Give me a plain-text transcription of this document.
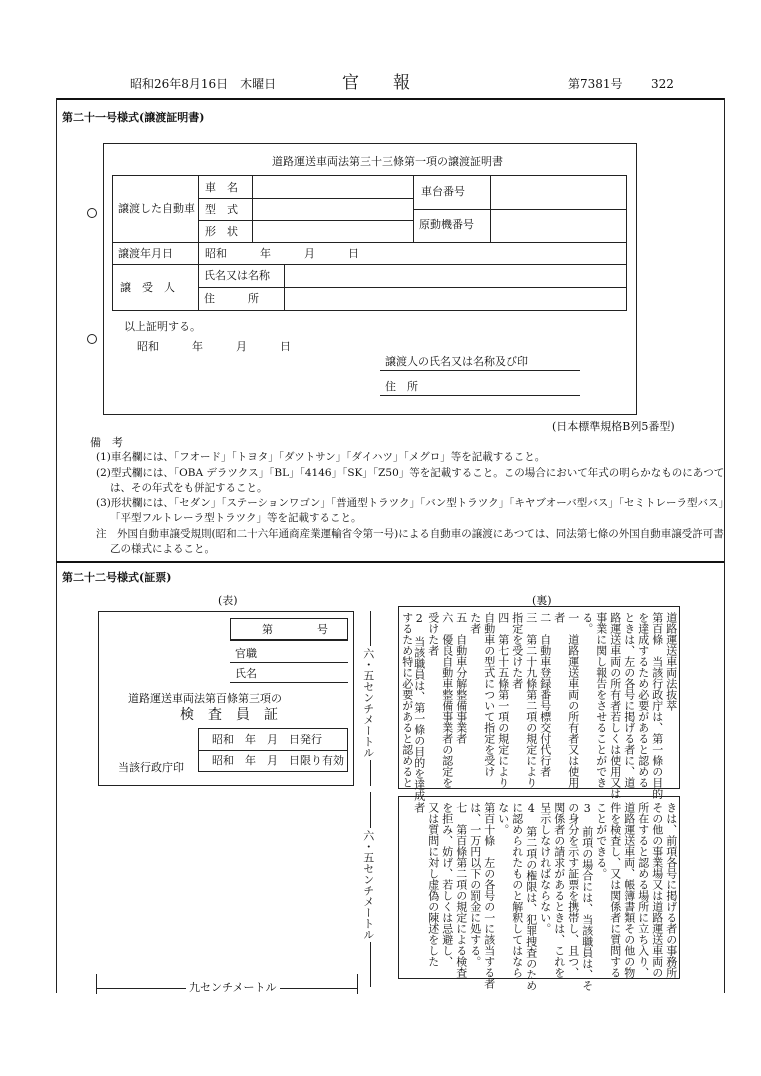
昭和26年8月16日　木曜日	官　　報	第7381号 322
第二十一号様式(譲渡証明書)
道路運送車両法第三十三條第一項の譲渡証明書
譲渡した自動車
車　名
型　式
形　状
車台番号
原動機番号
譲渡年月日	昭和　　　年　　　月　　　日
譲　受　人
氏名又は名称
住　　　所
以上証明する。
昭和　　　年　　　月　　　日
譲渡人の氏名又は名称及び印
住　所
(日本標準規格B列5番型)
備　考
(1)車名欄には、「フオード」「トヨタ」「ダツトサン」「ダイハツ」「メグロ」等を記載すること。
(2)型式欄には、「OBA デラツクス」「BL」「4146」「SK」「Z50」等を記載すること。この場合において年式の明らかなものにあつて
は、その年式をも併記すること。
(3)形状欄には、「セダン」「ステーションワゴン」「普通型トラツク」「バン型トラツク」「キヤブオーバ型バス」「セミトレーラ型バス」
「平型フルトレーラ型トラツク」等を記載すること。
注　外国自動車譲受規則(昭和二十六年通商産業運輸省令第一号)による自動車の譲渡にあつては、同法第七條の外国自動車譲受許可書
乙の様式によること。
第二十二号様式(証票)
(表)	(裏)
第　　　　号
官職
氏名
道路運送車両法第百條第三項の
検　査　員　証
昭和　年　月　日発行
昭和　年　月　日限り有効
当該行政庁印
六・五センチメートル
六・五センチメートル
九センチメートル
道路運送車両法抜萃
第百條　当該行政庁は、第一條の目的
を達成するため必要があると認める
ときは、左の各号に掲げる者に、道
路運送車両の所有者若しくは使用又は
事業に関し報告をさせることができ
る。
一　道路運送車両の所有者又は使用
者
二　自動車登録番号標交付代行者
三　第二十九條第二項の規定により
指定を受けた者
四　第七十五條第一項の規定により
自動車の型式について指定を受け
た者
五　自動車分解整備事業者
六　優良自動車整備事業者の認定を
受けた者
2　当該職員は、第一條の目的を達成
するため特に必要があると認めると
きは、前項各号に掲げる者の事務所
その他の事業場又は道路運送車両の
所在すると認める場所に立ち入り、
道路運送車両、帳簿書類その他の物
件を検査し、又は関係者に質問する
ことができる。
3　前項の場合には、当該職員は、そ
の身分を示す証票を携帯し、且つ、
関係者の請求があるときは、これを
呈示しなければならない。
4　第二項の権限は、犯罪捜査のため
に認められたものと解釈してはなら
ない。
第百十條　左の各号の一に該当する者
は、一万円以下の罰金に処する。
七　第百條第二項の規定による検査
を拒み、妨げ、若しくは忌避し、
又は質問に対し虚偽の陳述をした
者
